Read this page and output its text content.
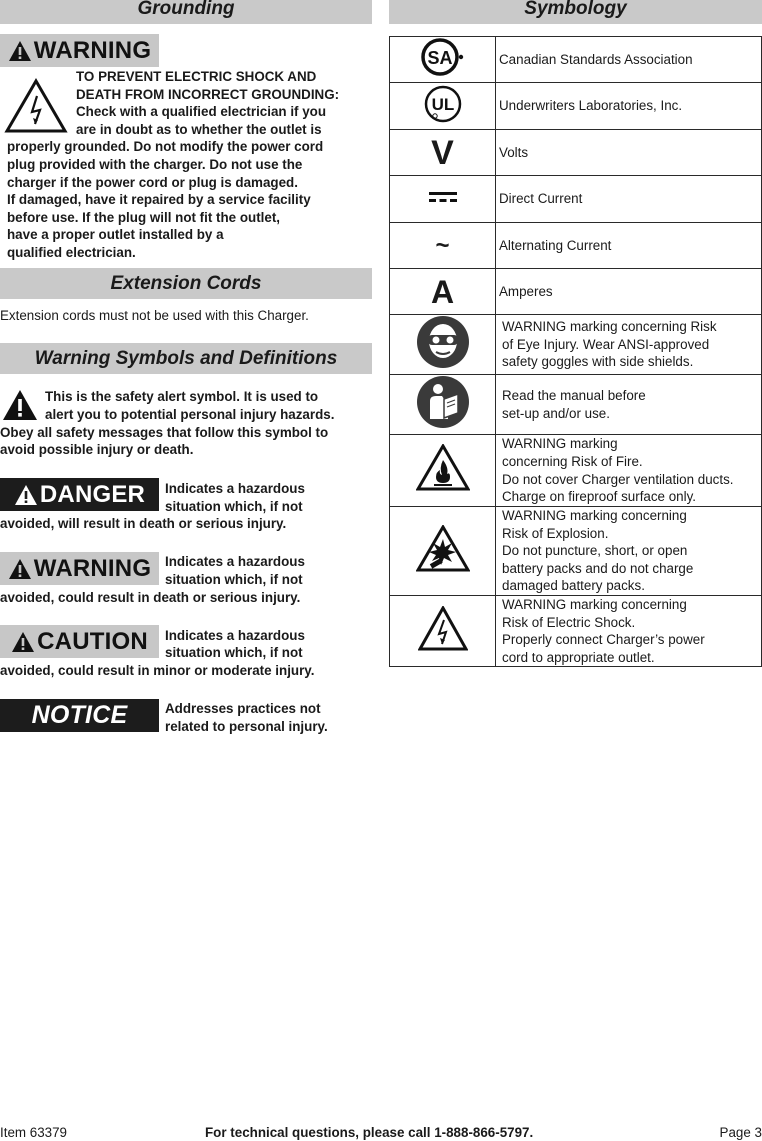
Grounding
WARNING
TO PREVENT ELECTRIC SHOCK AND
DEATH FROM INCORRECT GROUNDING:
Check with a qualified electrician if you
are in doubt as to whether the outlet is
properly grounded. Do not modify the power cord
plug provided with the charger. Do not use the
charger if the power cord or plug is damaged.
If damaged, have it repaired by a service facility
before use. If the plug will not fit the outlet,
have a proper outlet installed by a
qualified electrician.
Extension Cords
Extension cords must not be used with this Charger.
Warning Symbols and Definitions
This is the safety alert symbol. It is used to
alert you to potential personal injury hazards.
Obey all safety messages that follow this symbol to
avoid possible injury or death.
DANGER Indicates a hazardous
situation which, if not
avoided, will result in death or serious injury.
WARNING Indicates a hazardous
situation which, if not
avoided, could result in death or serious injury.
CAUTION Indicates a hazardous
situation which, if not
avoided, could result in minor or moderate injury.
NOTICE	Addresses practices not
related to personal injury.
Symbology
SA	Canadian Standards Association

UL	Underwriters Laboratories, Inc.

V	Volts

Direct Current

~	Alternating Current

A	Amperes

WARNING marking concerning Risk
of Eye Injury. Wear ANSI-approved
safety goggles with side shields.

Read the manual before
set-up and/or use.

WARNING marking
concerning Risk of Fire.
Do not cover Charger ventilation ducts.
Charge on fireproof surface only.

WARNING marking concerning
Risk of Explosion.
Do not puncture, short, or open
battery packs and do not charge
damaged battery packs.

WARNING marking concerning
Risk of Electric Shock.
Properly connect Charger’s power
cord to appropriate outlet.
Item 63379	For technical questions, please call 1-888-866-5797.	Page 3
